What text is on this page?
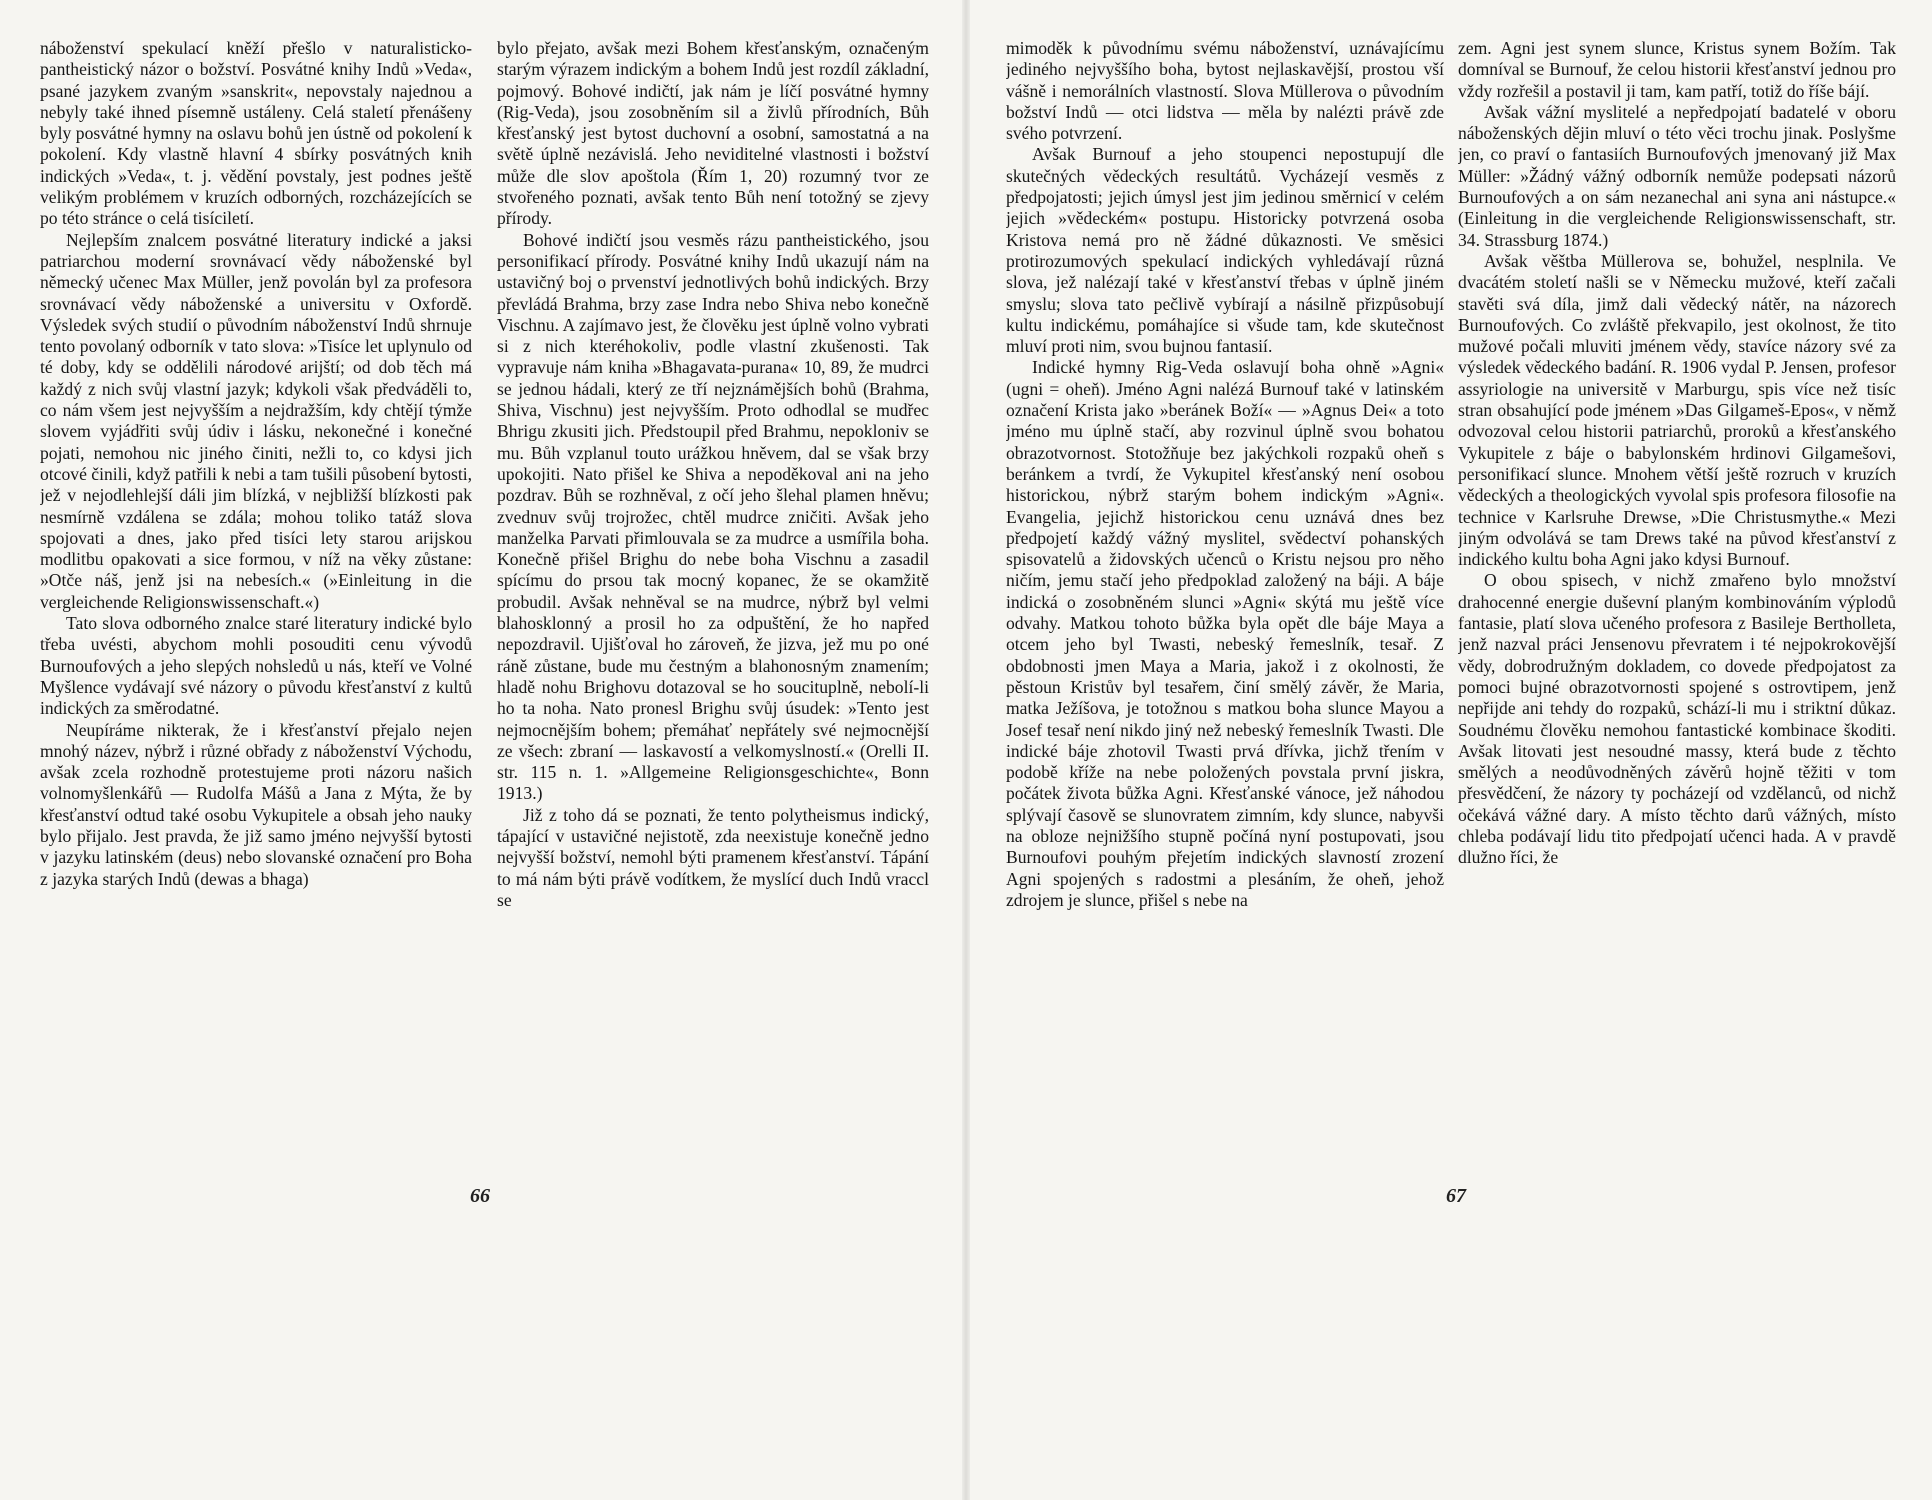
náboženství spekulací kněží přešlo v naturalisticko-pantheistický názor o božství. Posvátné knihy Indů »Veda«, psané jazykem zvaným »sanskrit«, nepovstaly najednou a nebyly také ihned písemně ustáleny. Celá staletí přenášeny byly posvátné hymny na oslavu bohů jen ústně od pokolení k pokolení. Kdy vlastně hlavní 4 sbírky posvátných knih indických »Veda«, t. j. vědění povstaly, jest podnes ještě velikým problémem v kruzích odborných, rozcházejících se po této stránce o celá tisíciletí.

Nejlepším znalcem posvátné literatury indické a jaksi patriarchou moderní srovnávací vědy náboženské byl německý učenec Max Müller, jenž povolán byl za profesora srovnávací vědy náboženské a universitu v Oxfordě. Výsledek svých studií o původním náboženství Indů shrnuje tento povolaný odborník v tato slova: »Tisíce let uplynulo od té doby, kdy se oddělili národové arijští; od dob těch má každý z nich svůj vlastní jazyk; kdykoli však předváděli to, co nám všem jest nejvyšším a nejdražším, kdy chtějí týmže slovem vyjádřiti svůj údiv i lásku, nekonečné i konečné pojati, nemohou nic jiného činiti, nežli to, co kdysi jich otcové činili, když patřili k nebi a tam tušili působení bytosti, jež v nejodlehlejší dáli jim blízká, v nejbližší blízkosti pak nesmírně vzdálena se zdála; mohou toliko tatáž slova spojovati a dnes, jako před tisíci lety starou arijskou modlitbu opakovati a sice formou, v níž na věky zůstane: »Otče náš, jenž jsi na nebesích.« (»Einleitung in die vergleichende Religionswissenschaft.«)

Tato slova odborného znalce staré literatury indické bylo třeba uvésti, abychom mohli posouditi cenu vývodů Burnoufových a jeho slepých nohsledů u nás, kteří ve Volné Myšlence vydávají své názory o původu křesťanství z kultů indických za směrodatné.

Neupíráme nikterak, že i křesťanství přejalo nejen mnohý název, nýbrž i různé obřady z náboženství Východu, avšak zcela rozhodně protestujeme proti názoru našich volnomyšlenkářů — Rudolfa Mášů a Jana z Mýta, že by křesťanství odtud také osobu Vykupitele a obsah jeho nauky bylo přijalo. Jest pravda, že již samo jméno nejvyšší bytosti v jazyku latinském (deus) nebo slovanské označení pro Boha z jazyka starých Indů (dewas a bhaga)

bylo přejato, avšak mezi Bohem křesťanským, označeným starým výrazem indickým a bohem Indů jest rozdíl základní, pojmový. Bohové indičtí, jak nám je líčí posvátné hymny (Rig-Veda), jsou zosobněním sil a živlů přírodních, Bůh křesťanský jest bytost duchovní a osobní, samostatná a na světě úplně nezávislá. Jeho neviditelné vlastnosti i božství může dle slov apoštola (Řím 1, 20) rozumný tvor ze stvořeného poznati, avšak tento Bůh není totožný se zjevy přírody.

Bohové indičtí jsou vesměs rázu pantheistického, jsou personifikací přírody. Posvátné knihy Indů ukazují nám na ustavičný boj o prvenství jednotlivých bohů indických. Brzy převládá Brahma, brzy zase Indra nebo Shiva nebo konečně Vischnu. A zajímavo jest, že člověku jest úplně volno vybrati si z nich kteréhokoliv, podle vlastní zkušenosti. Tak vypravuje nám kniha »Bhagavata-purana« 10, 89, že mudrci se jednou hádali, který ze tří nejznámějších bohů (Brahma, Shiva, Vischnu) jest nejvyšším. Proto odhodlal se mudřec Bhrigu zkusiti jich. Předstoupil před Brahmu, nepokloniv se mu. Bůh vzplanul touto urážkou hněvem, dal se však brzy upokojiti. Nato přišel ke Shiva a nepoděkoval ani na jeho pozdrav. Bůh se rozhněval, z očí jeho šlehal plamen hněvu; zvednuv svůj trojrožec, chtěl mudrce zničiti. Avšak jeho manželka Parvati přimlouvala se za mudrce a usmířila boha. Konečně přišel Brighu do nebe boha Vischnu a zasadil spícímu do prsou tak mocný kopanec, že se okamžitě probudil. Avšak nehněval se na mudrce, nýbrž byl velmi blahosklonný a prosil ho za odpuštění, že ho napřed nepozdravil. Ujišťoval ho zároveň, že jizva, jež mu po oné ráně zůstane, bude mu čestným a blahonosným znamením; hladě nohu Brighovu dotazoval se ho soucituplně, nebolí-li ho ta noha. Nato pronesl Brighu svůj úsudek: »Tento jest nejmocnějším bohem; přemáhať nepřátely své nejmocnější ze všech: zbraní — laskavostí a velkomyslností.« (Orelli II. str. 115 n. 1. »Allgemeine Religionsgeschichte«, Bonn 1913.)

Již z toho dá se poznati, že tento polytheismus indický, tápající v ustavičné nejistotě, zda neexistuje konečně jedno nejvyšší božství, nemohl býti pramenem křesťanství. Tápání to má nám býti právě vodítkem, že myslící duch Indů vraccl se

66

mimoděk k původnímu svému náboženství, uznávajícímu jediného nejvyššího boha, bytost nejlaskavější, prostou vší vášně i nemorálních vlastností. Slova Müllerova o původním božství Indů — otci lidstva — měla by nalézti právě zde svého potvrzení.

Avšak Burnouf a jeho stoupenci nepostupují dle skutečných vědeckých resultátů. Vycházejí vesměs z předpojatosti; jejich úmysl jest jim jedinou směrnicí v celém jejich »vědeckém« postupu. Historicky potvrzená osoba Kristova nemá pro ně žádné důkaznosti. Ve směsici protirozumových spekulací indických vyhledávají různá slova, jež nalézají také v křesťanství třebas v úplně jiném smyslu; slova tato pečlivě vybírají a násilně přizpůsobují kultu indickému, pomáhajíce si všude tam, kde skutečnost mluví proti nim, svou bujnou fantasií.

Indické hymny Rig-Veda oslavují boha ohně »Agni« (ugni = oheň). Jméno Agni nalézá Burnouf také v latinském označení Krista jako »beránek Boží« — »Agnus Dei« a toto jméno mu úplně stačí, aby rozvinul úplně svou bohatou obrazotvornost. Stotožňuje bez jakýchkoli rozpaků oheň s beránkem a tvrdí, že Vykupitel křesťanský není osobou historickou, nýbrž starým bohem indickým »Agni«. Evangelia, jejichž historickou cenu uznává dnes bez předpojetí každý vážný myslitel, svědectví pohanských spisovatelů a židovských učenců o Kristu nejsou pro něho ničím, jemu stačí jeho předpoklad založený na báji. A báje indická o zosobněném slunci »Agni« skýtá mu ještě více odvahy. Matkou tohoto bůžka byla opět dle báje Maya a otcem jeho byl Twasti, nebeský řemeslník, tesař. Z obdobnosti jmen Maya a Maria, jakož i z okolnosti, že pěstoun Kristův byl tesařem, činí smělý závěr, že Maria, matka Ježíšova, je totožnou s matkou boha slunce Mayou a Josef tesař není nikdo jiný než nebeský řemeslník Twasti. Dle indické báje zhotovil Twasti prvá dřívka, jichž třením v podobě kříže na nebe položených povstala první jiskra, počátek života bůžka Agni. Křesťanské vánoce, jež náhodou splývají časově se slunovratem zimním, kdy slunce, nabyvši na obloze nejnižšího stupně počíná nyní postupovati, jsou Burnoufovi pouhým přejetím indických slavností zrození Agni spojených s radostmi a plesáním, že oheň, jehož zdrojem je slunce, přišel s nebe na

zem. Agni jest synem slunce, Kristus synem Božím. Tak domníval se Burnouf, že celou historii křesťanství jednou pro vždy rozřešil a postavil ji tam, kam patří, totiž do říše bájí.

Avšak vážní myslitelé a nepředpojatí badatelé v oboru náboženských dějin mluví o této věci trochu jinak. Poslyšme jen, co praví o fantasiích Burnoufových jmenovaný již Max Müller: »Žádný vážný odborník nemůže podepsati názorů Burnoufových a on sám nezanechal ani syna ani nástupce.« (Einleitung in die vergleichende Religionswissenschaft, str. 34. Strassburg 1874.)

Avšak věštba Müllerova se, bohužel, nesplnila. Ve dvacátém století našli se v Německu mužové, kteří začali stavěti svá díla, jimž dali vědecký nátěr, na názorech Burnoufových. Co zvláště překvapilo, jest okolnost, že tito mužové počali mluviti jménem vědy, stavíce názory své za výsledek vědeckého badání. R. 1906 vydal P. Jensen, profesor assyriologie na universitě v Marburgu, spis více než tisíc stran obsahující pode jménem »Das Gilgameš-Epos«, v němž odvozoval celou historii patriarchů, proroků a křesťanského Vykupitele z báje o babylonském hrdinovi Gilgamešovi, personifikací slunce. Mnohem větší ještě rozruch v kruzích vědeckých a theologických vyvolal spis profesora filosofie na technice v Karlsruhe Drewse, »Die Christusmythe.« Mezi jiným odvolává se tam Drews také na původ křesťanství z indického kultu boha Agni jako kdysi Burnouf.

O obou spisech, v nichž zmařeno bylo množství drahocenné energie duševní planým kombinováním výplodů fantasie, platí slova učeného profesora z Basileje Bertholleta, jenž nazval práci Jensenovu převratem i té nejpokrokovější vědy, dobrodružným dokladem, co dovede předpojatost za pomoci bujné obrazotvornosti spojené s ostrovtipem, jenž nepřijde ani tehdy do rozpaků, schází-li mu i striktní důkaz. Soudnému člověku nemohou fantastické kombinace škoditi. Avšak litovati jest nesoudné massy, která bude z těchto smělých a neodůvodněných závěrů hojně těžiti v tom přesvědčení, že názory ty pocházejí od vzdělanců, od nichž očekává vážné dary. A místo těchto darů vážných, místo chleba podávají lidu tito předpojatí učenci hada. A v pravdě dlužno říci, že

67
